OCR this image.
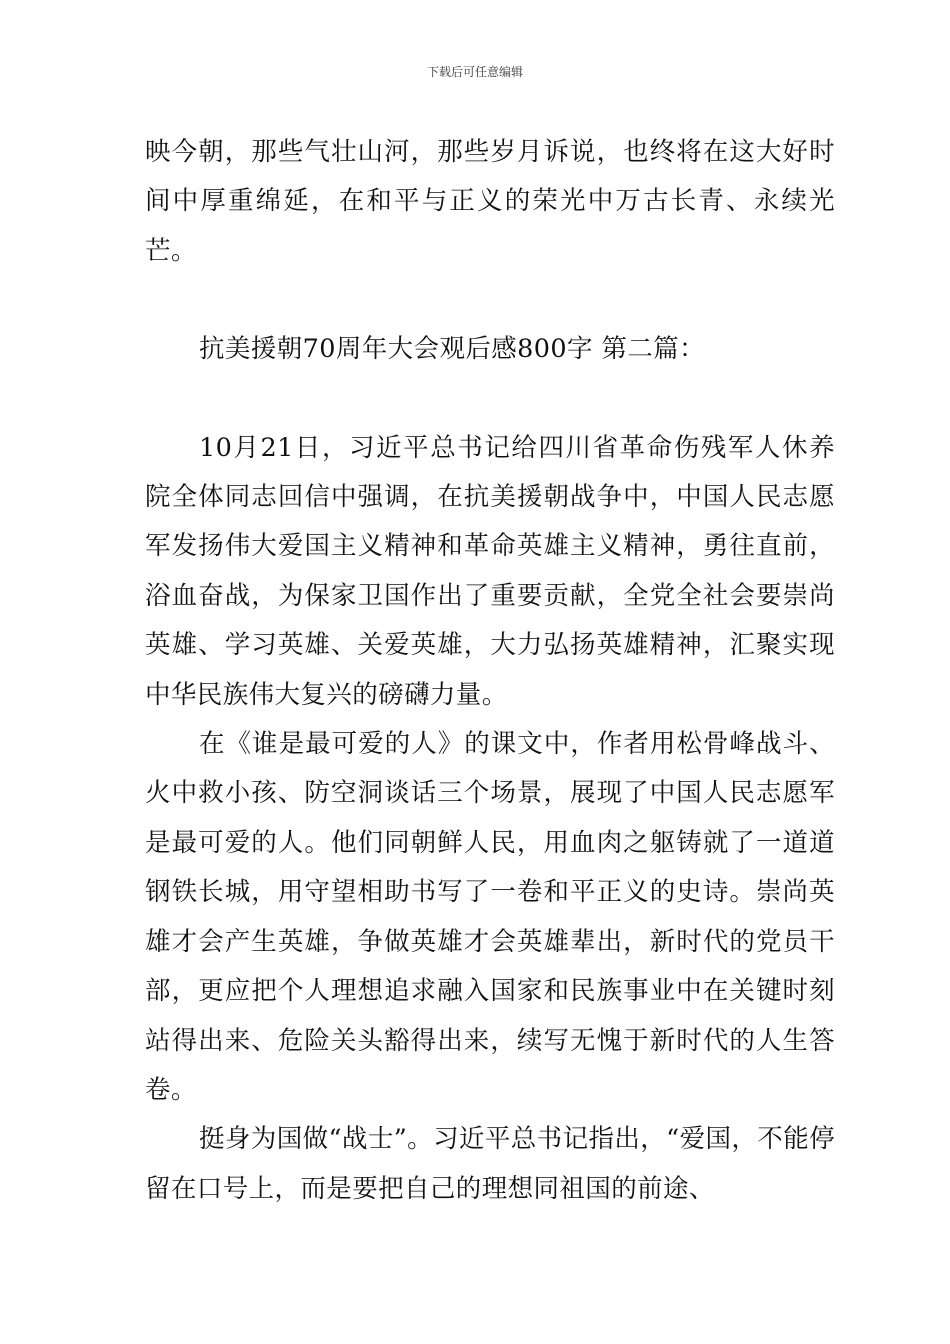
下载后可任意编辑

映今朝，那些气壮山河，那些岁月诉说，也终将在这大好时间中厚重绵延，在和平与正义的荣光中万古长青、永续光芒。

抗美援朝70周年大会观后感800字 第二篇：

10月21日，习近平总书记给四川省革命伤残军人休养院全体同志回信中强调，在抗美援朝战争中，中国人民志愿军发扬伟大爱国主义精神和革命英雄主义精神，勇往直前，浴血奋战，为保家卫国作出了重要贡献，全党全社会要崇尚英雄、学习英雄、关爱英雄，大力弘扬英雄精神，汇聚实现中华民族伟大复兴的磅礴力量。

在《谁是最可爱的人》的课文中，作者用松骨峰战斗、火中救小孩、防空洞谈话三个场景，展现了中国人民志愿军是最可爱的人。他们同朝鲜人民，用血肉之躯铸就了一道道钢铁长城，用守望相助书写了一卷和平正义的史诗。崇尚英雄才会产生英雄，争做英雄才会英雄辈出，新时代的党员干部，更应把个人理想追求融入国家和民族事业中在关键时刻站得出来、危险关头豁得出来，续写无愧于新时代的人生答卷。

挺身为国做“战士”。习近平总书记指出，“爱国，不能停留在口号上，而是要把自己的理想同祖国的前途、
